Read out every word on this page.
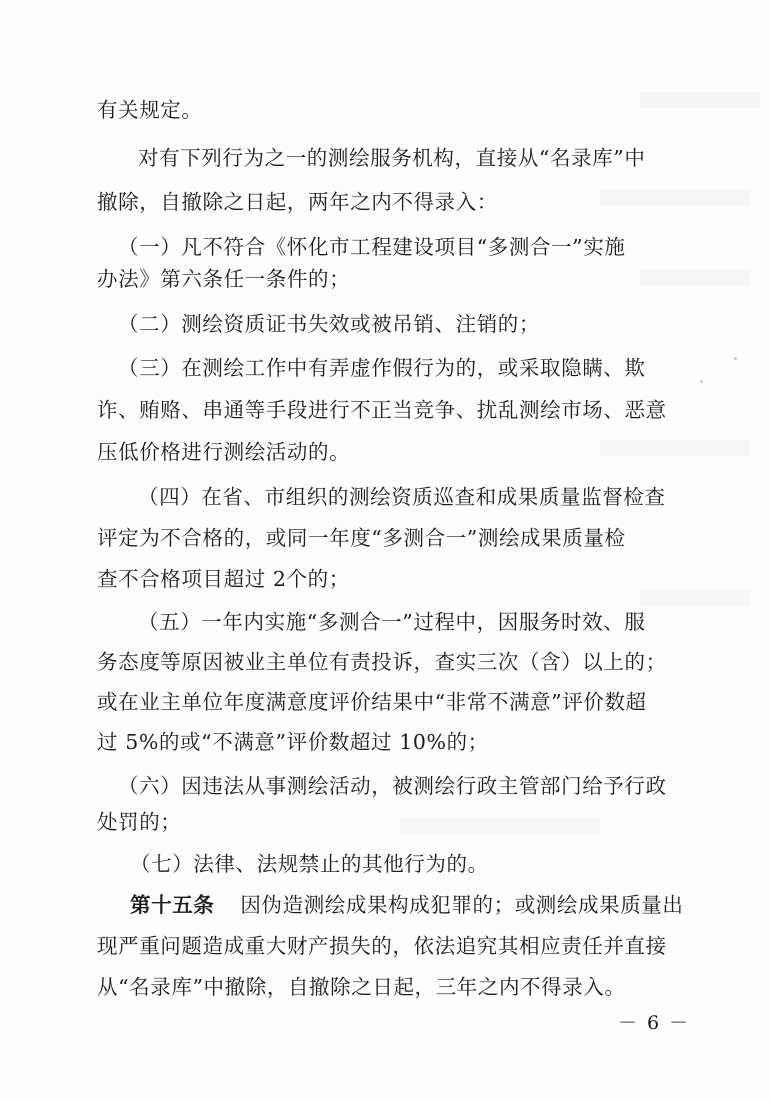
有关规定。
对有下列行为之一的测绘服务机构，直接从“名录库”中
撤除，自撤除之日起，两年之内不得录入：
（一）凡不符合《怀化市工程建设项目“多测合一”实施
办法》第六条任一条件的；
（二）测绘资质证书失效或被吊销、注销的；
（三）在测绘工作中有弄虚作假行为的，或采取隐瞒、欺
诈、贿赂、串通等手段进行不正当竞争、扰乱测绘市场、恶意
压低价格进行测绘活动的。
（四）在省、市组织的测绘资质巡查和成果质量监督检查
评定为不合格的，或同一年度“多测合一”测绘成果质量检
查不合格项目超过 2个的；
（五）一年内实施“多测合一”过程中，因服务时效、服
务态度等原因被业主单位有责投诉，查实三次（含）以上的；
或在业主单位年度满意度评价结果中“非常不满意”评价数超
过 5%的或“不满意”评价数超过 10%的；
（六）因违法从事测绘活动，被测绘行政主管部门给予行政
处罚的；
（七）法律、法规禁止的其他行为的。
第十五条 因伪造测绘成果构成犯罪的；或测绘成果质量出
现严重问题造成重大财产损失的，依法追究其相应责任并直接
从“名录库”中撤除，自撤除之日起，三年之内不得录入。
－ 6 －
